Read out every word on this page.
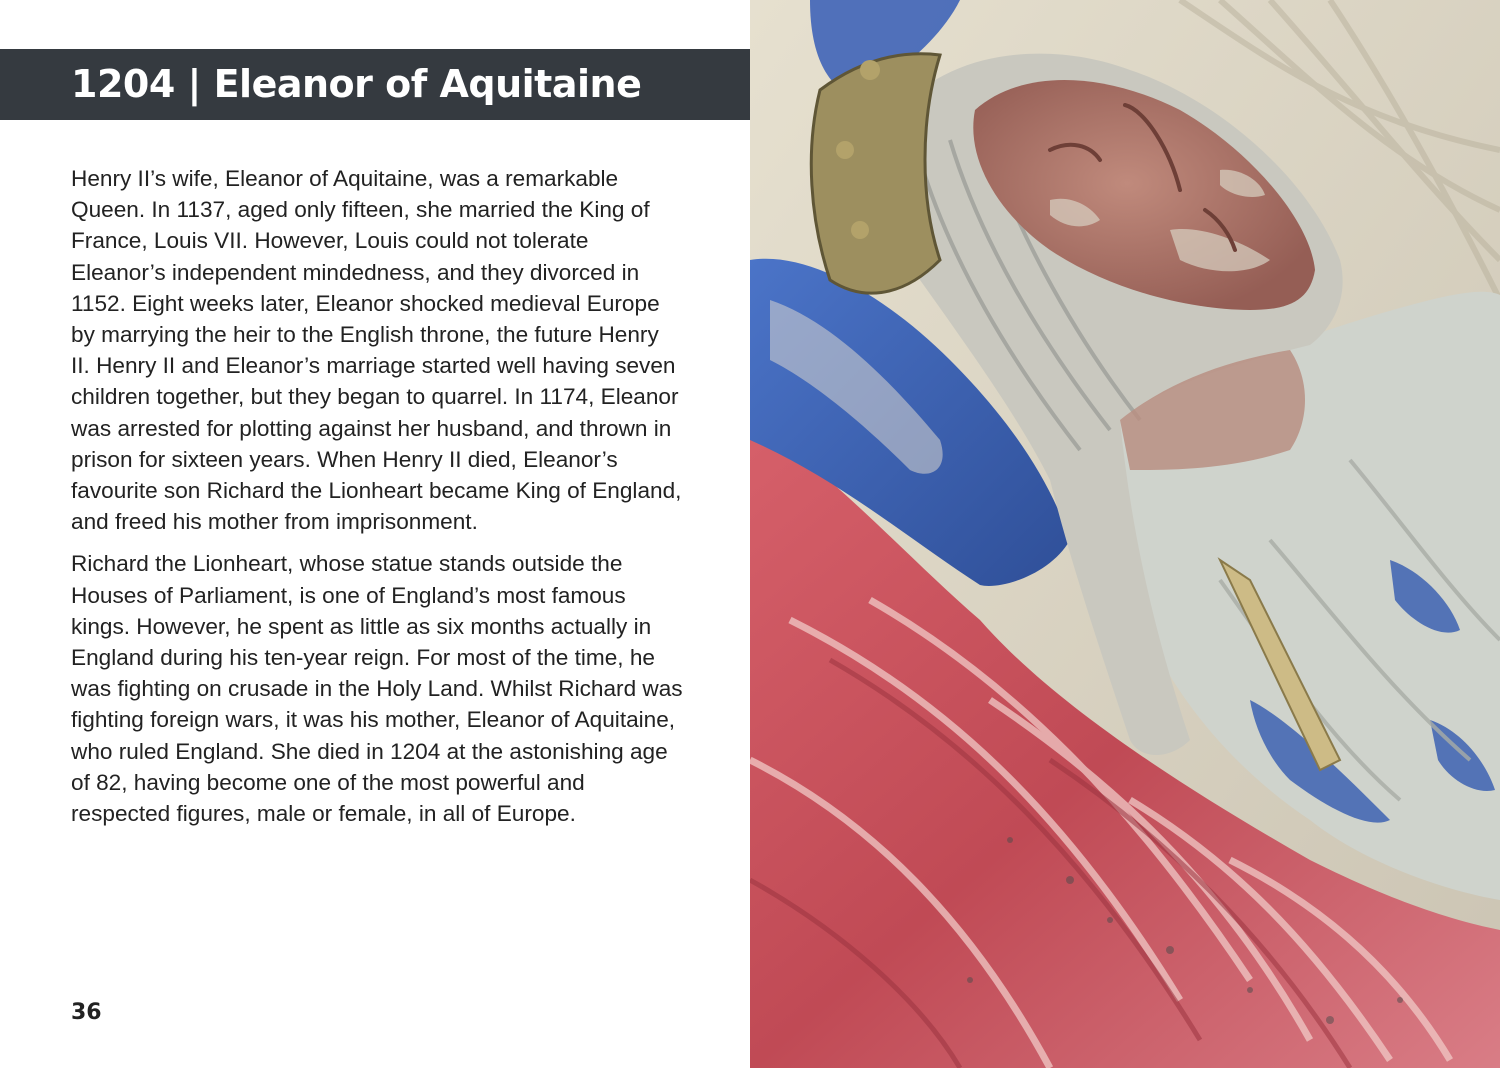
1204 | Eleanor of Aquitaine

Henry II’s wife, Eleanor of Aquitaine, was a remarkable Queen. In 1137, aged only fifteen, she married the King of France, Louis VII. However, Louis could not tolerate Eleanor’s independent mindedness, and they divorced in 1152. Eight weeks later, Eleanor shocked medieval Europe by marrying the heir to the English throne, the future Henry II. Henry II and Eleanor’s marriage started well having seven children together, but they began to quarrel. In 1174, Eleanor was arrested for plotting against her husband, and thrown in prison for sixteen years. When Henry II died, Eleanor’s favourite son Richard the Lionheart became King of England, and freed his mother from imprisonment.

Richard the Lionheart, whose statue stands outside the Houses of Parliament, is one of England’s most famous kings. However, he spent as little as six months actually in England during his ten-year reign. For most of the time, he was fighting on crusade in the Holy Land. Whilst Richard was fighting foreign wars, it was his mother, Eleanor of Aquitaine, who ruled England. She died in 1204 at the astonishing age of 82, having become one of the most powerful and respected figures, male or female, in all of Europe.

36
